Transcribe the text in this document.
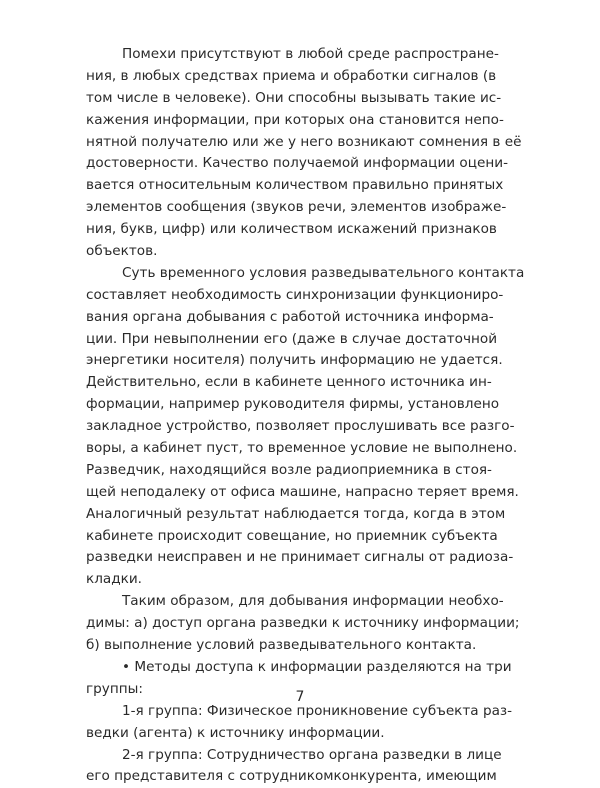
Помехи присутствуют в любой среде распростране-
ния, в любых средствах приема и обработки сигналов (в
том числе в человеке). Они способны вызывать такие ис-
кажения информации, при которых она становится непо-
нятной получателю или же у него возникают сомнения в её
достоверности. Качество получаемой информации оцени-
вается относительным количеством правильно принятых
элементов сообщения (звуков речи, элементов изображе-
ния, букв, цифр) или количеством искажений признаков
объектов.
Суть временного условия разведывательного контакта
составляет необходимость синхронизации функциониро-
вания органа добывания с работой источника информа-
ции. При невыполнении его (даже в случае достаточной
энергетики носителя) получить информацию не удается.
Действительно, если в кабинете ценного источника ин-
формации, например руководителя фирмы, установлено
закладное устройство, позволяет прослушивать все разго-
воры, а кабинет пуст, то временное условие не выполнено.
Разведчик, находящийся возле радиоприемника в стоя-
щей неподалеку от офиса машине, напрасно теряет время.
Аналогичный результат наблюдается тогда, когда в этом
кабинете происходит совещание, но приемник субъекта
разведки неисправен и не принимает сигналы от радиоза-
кладки.
Таким образом, для добывания информации необхо-
димы: а) доступ органа разведки к источнику информации;
б) выполнение условий разведывательного контакта.
• Методы доступа к информации разделяются на три
группы:
1-я группа: Физическое проникновение субъекта раз-
ведки (агента) к источнику информации.
2-я группа: Сотрудничество органа разведки в лице
его представителя с сотрудникомконкурента, имеющим
7
